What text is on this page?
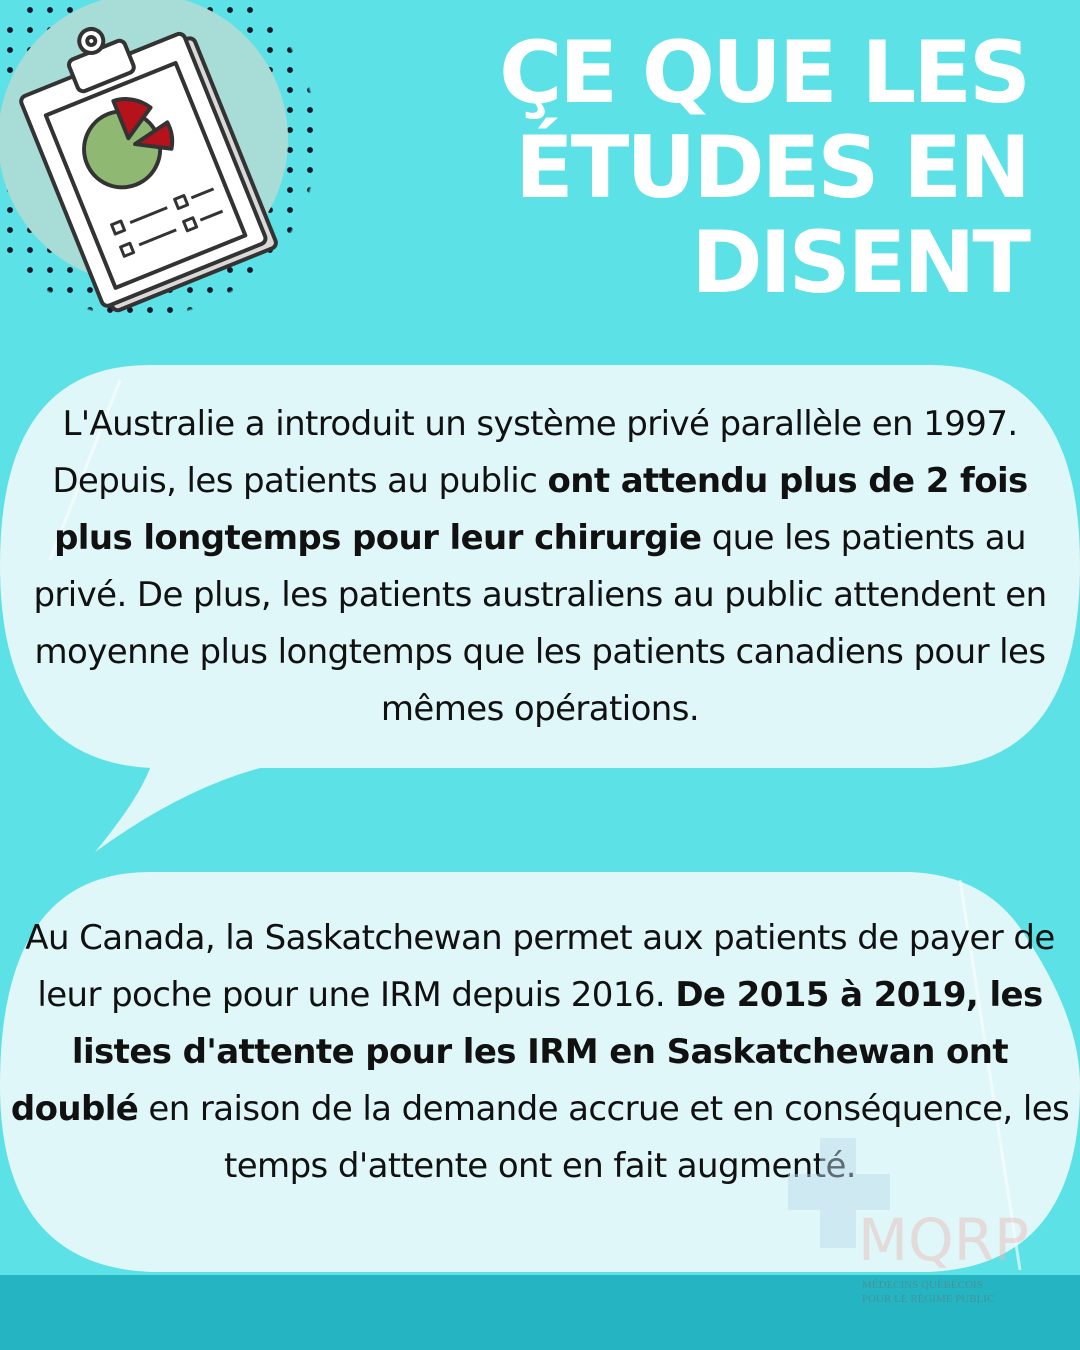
ÇE QUE LES
ÉTUDES EN
DISENT

L'Australie a introduit un système privé parallèle en 1997. Depuis, les patients au public ont attendu plus de 2 fois plus longtemps pour leur chirurgie que les patients au privé. De plus, les patients australiens au public attendent en moyenne plus longtemps que les patients canadiens pour les mêmes opérations.

Au Canada, la Saskatchewan permet aux patients de payer de leur poche pour une IRM depuis 2016. De 2015 à 2019, les listes d'attente pour les IRM en Saskatchewan ont doublé en raison de la demande accrue et en conséquence, les temps d'attente ont en fait augmenté.

MQRP
MÉDECINS QUÉBÉCOIS
POUR LE RÉGIME PUBLIC
